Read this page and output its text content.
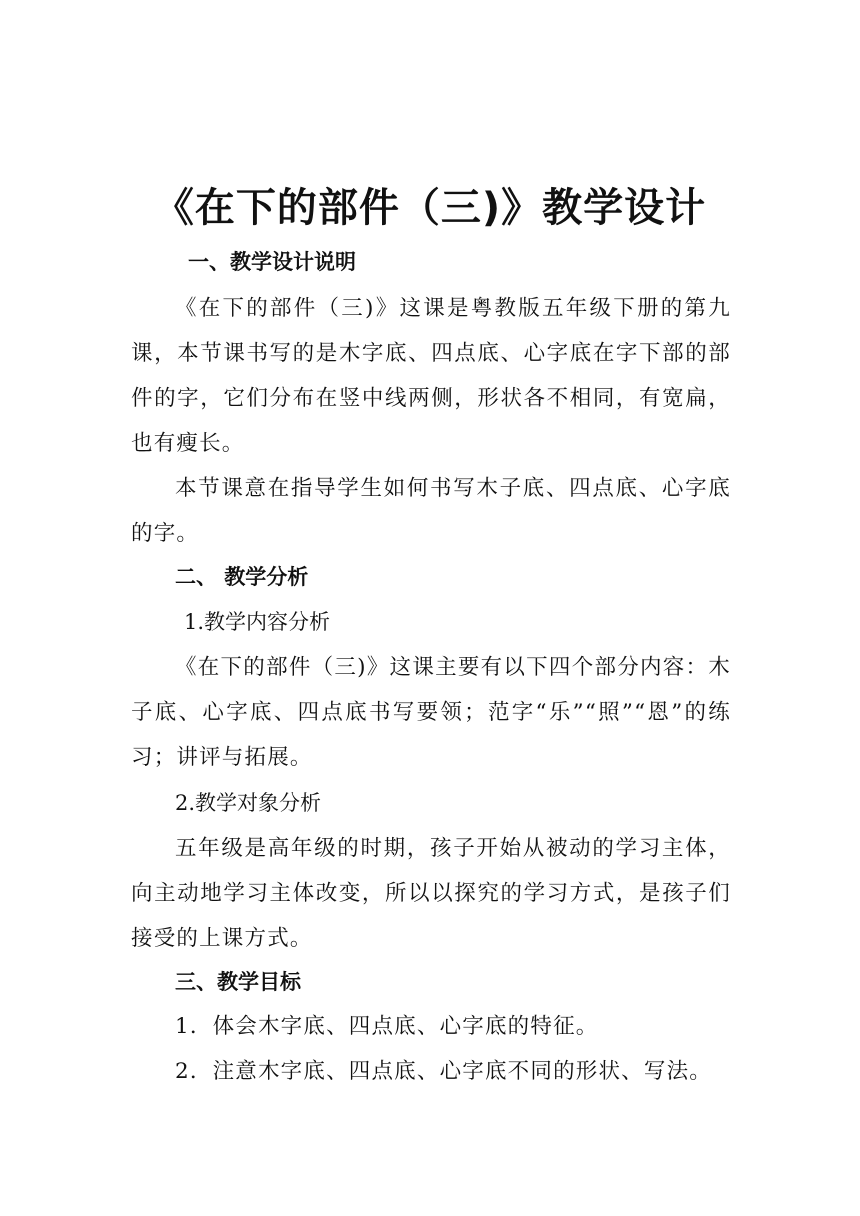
《在下的部件（三)》教学设计
一、教学设计说明
《在下的部件（三)》这课是粤教版五年级下册的第九课，本节课书写的是木字底、四点底、心字底在字下部的部件的字，它们分布在竖中线两侧，形状各不相同，有宽扁，也有瘦长。
本节课意在指导学生如何书写木子底、四点底、心字底的字。
二、 教学分析
1.教学内容分析
《在下的部件（三)》这课主要有以下四个部分内容：木子底、心字底、四点底书写要领；范字“乐”“照”“恩”的练习；讲评与拓展。
2.教学对象分析
五年级是高年级的时期，孩子开始从被动的学习主体，向主动地学习主体改变，所以以探究的学习方式，是孩子们接受的上课方式。
三、教学目标
1．体会木字底、四点底、心字底的特征。
2．注意木字底、四点底、心字底不同的形状、写法。
